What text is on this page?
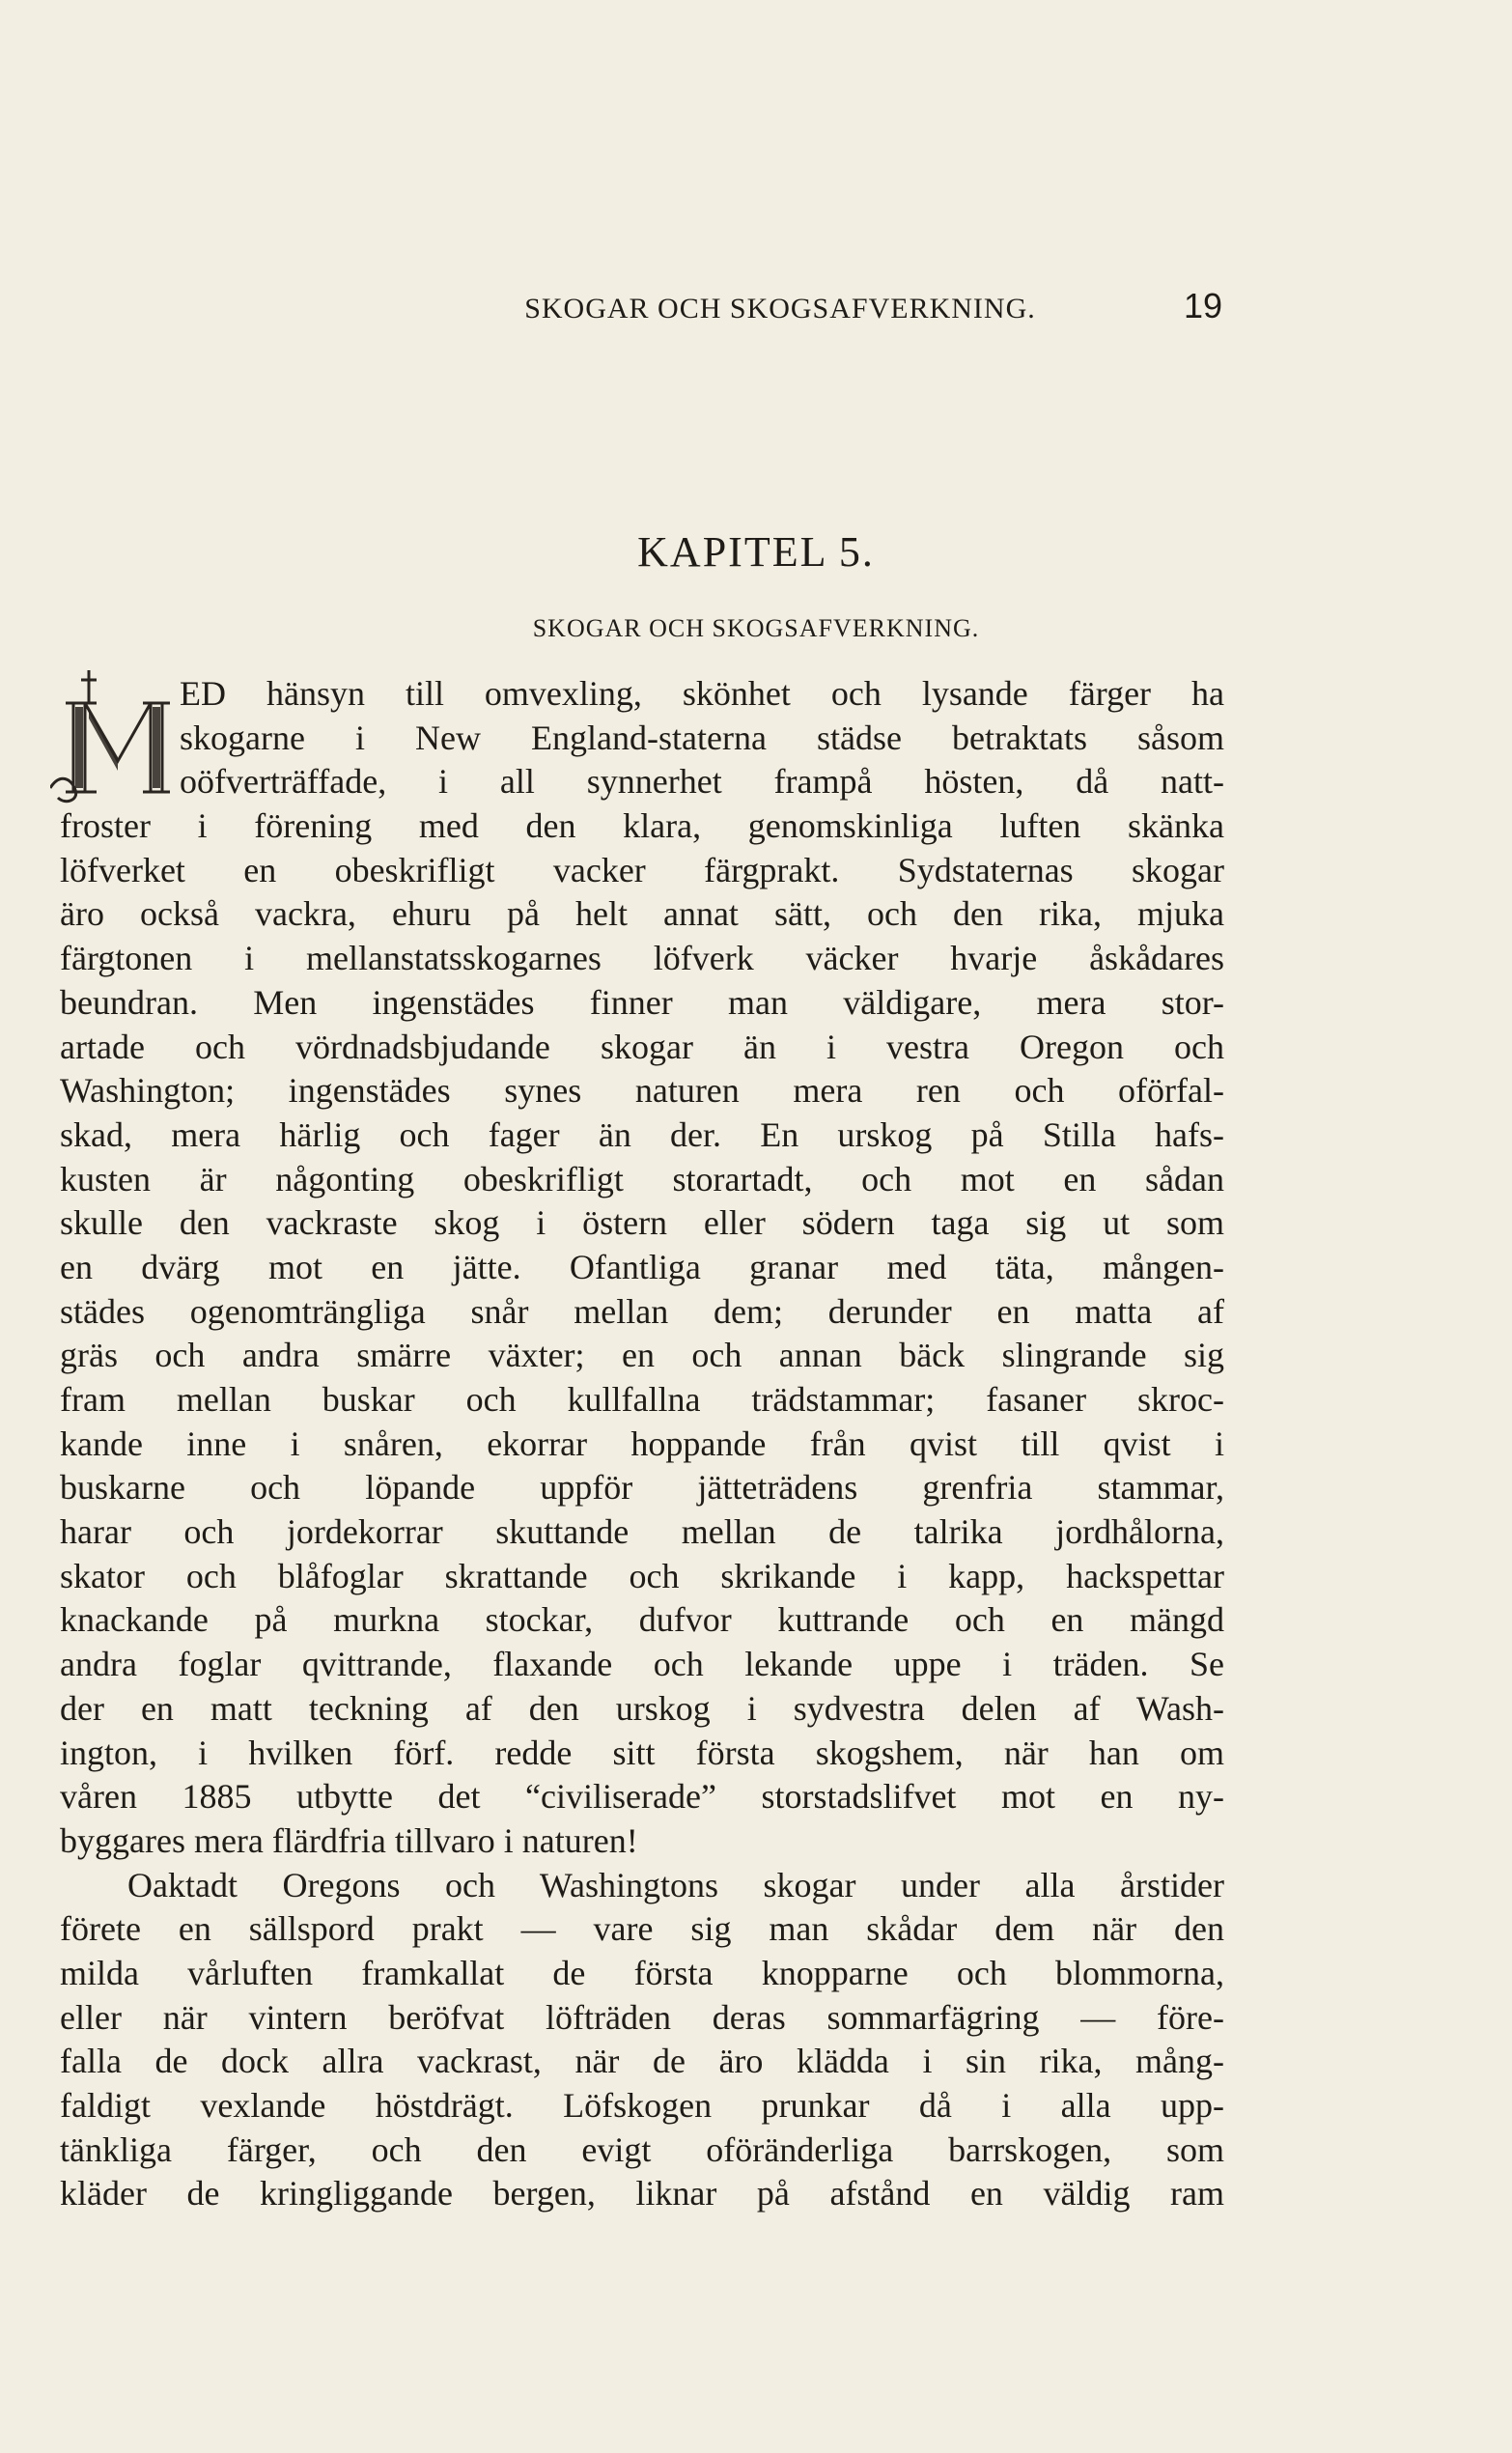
SKOGAR OCH SKOGSAFVERKNING.	19
KAPITEL 5.
SKOGAR OCH SKOGSAFVERKNING.
ED hänsyn till omvexling, skönhet och lysande färger ha
skogarne i New England-staterna städse betraktats såsom
oöfverträffade, i all synnerhet frampå hösten, då natt-
froster i förening med den klara, genomskinliga luften skänka
löfverket en obeskrifligt vacker färgprakt. Sydstaternas skogar
äro också vackra, ehuru på helt annat sätt, och den rika, mjuka
färgtonen i mellanstatsskogarnes löfverk väcker hvarje åskådares
beundran. Men ingenstädes finner man väldigare, mera stor-
artade och vördnadsbjudande skogar än i vestra Oregon och
Washington; ingenstädes synes naturen mera ren och oförfal-
skad, mera härlig och fager än der. En urskog på Stilla hafs-
kusten är någonting obeskrifligt storartadt, och mot en sådan
skulle den vackraste skog i östern eller södern taga sig ut som
en dvärg mot en jätte. Ofantliga granar med täta, mången-
städes ogenomträngliga snår mellan dem; derunder en matta af
gräs och andra smärre växter; en och annan bäck slingrande sig
fram mellan buskar och kullfallna trädstammar; fasaner skroc-
kande inne i snåren, ekorrar hoppande från qvist till qvist i
buskarne och löpande uppför jätteträdens grenfria stammar,
harar och jordekorrar skuttande mellan de talrika jordhålorna,
skator och blåfoglar skrattande och skrikande i kapp, hackspettar
knackande på murkna stockar, dufvor kuttrande och en mängd
andra foglar qvittrande, flaxande och lekande uppe i träden. Se
der en matt teckning af den urskog i sydvestra delen af Wash-
ington, i hvilken förf. redde sitt första skogshem, när han om
våren 1885 utbytte det “civiliserade” storstadslifvet mot en ny-
byggares mera flärdfria tillvaro i naturen!
Oaktadt Oregons och Washingtons skogar under alla årstider
förete en sällspord prakt — vare sig man skådar dem när den
milda vårluften framkallat de första knopparne och blommorna,
eller när vintern beröfvat löfträden deras sommarfägring — före-
falla de dock allra vackrast, när de äro klädda i sin rika, mång-
faldigt vexlande höstdrägt. Löfskogen prunkar då i alla upp-
tänkliga färger, och den evigt oföränderliga barrskogen, som
kläder de kringliggande bergen, liknar på afstånd en väldig ram
